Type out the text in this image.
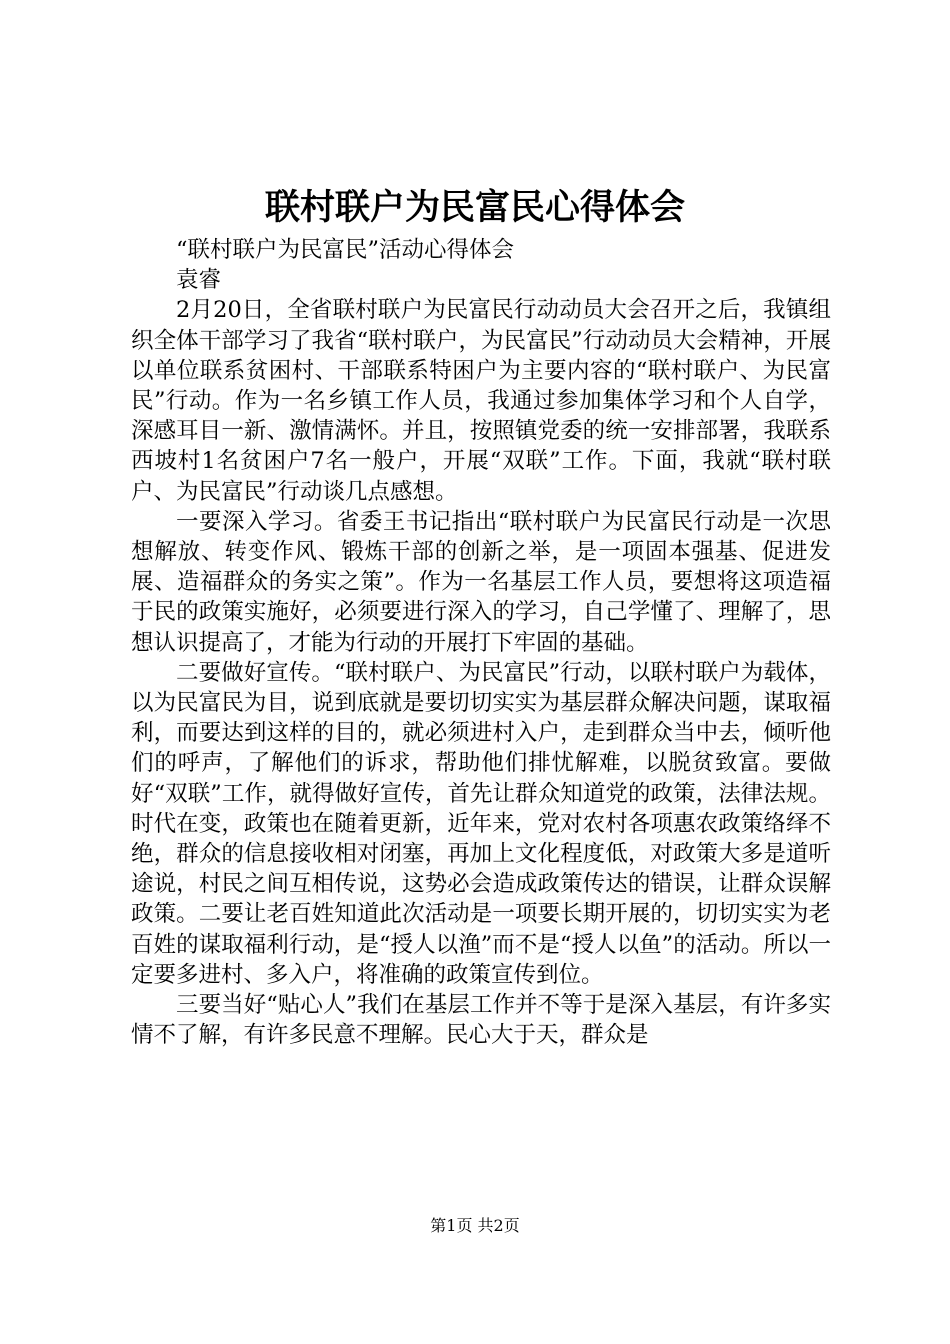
联村联户为民富民心得体会

“联村联户为民富民”活动心得体会

袁睿

2月20日，全省联村联户为民富民行动动员大会召开之后，我镇组织全体干部学习了我省“联村联户，为民富民”行动动员大会精神，开展以单位联系贫困村、干部联系特困户为主要内容的“联村联户、为民富民”行动。作为一名乡镇工作人员，我通过参加集体学习和个人自学，深感耳目一新、激情满怀。并且，按照镇党委的统一安排部署，我联系西坡村1名贫困户7名一般户，开展“双联”工作。下面，我就“联村联户、为民富民”行动谈几点感想。

一要深入学习。省委王书记指出“联村联户为民富民行动是一次思想解放、转变作风、锻炼干部的创新之举，是一项固本强基、促进发展、造福群众的务实之策”。作为一名基层工作人员，要想将这项造福于民的政策实施好，必须要进行深入的学习，自己学懂了、理解了，思想认识提高了，才能为行动的开展打下牢固的基础。

二要做好宣传。“联村联户、为民富民”行动，以联村联户为载体，以为民富民为目，说到底就是要切切实实为基层群众解决问题，谋取福利，而要达到这样的目的，就必须进村入户，走到群众当中去，倾听他们的呼声，了解他们的诉求，帮助他们排忧解难，以脱贫致富。要做好“双联”工作，就得做好宣传，首先让群众知道党的政策，法律法规。时代在变，政策也在随着更新，近年来，党对农村各项惠农政策络绎不绝，群众的信息接收相对闭塞，再加上文化程度低，对政策大多是道听途说，村民之间互相传说，这势必会造成政策传达的错误，让群众误解政策。二要让老百姓知道此次活动是一项要长期开展的，切切实实为老百姓的谋取福利行动，是“授人以渔”而不是“授人以鱼”的活动。所以一定要多进村、多入户，将准确的政策宣传到位。

三要当好“贴心人”我们在基层工作并不等于是深入基层，有许多实情不了解，有许多民意不理解。民心大于天，群众是

第1页 共2页
